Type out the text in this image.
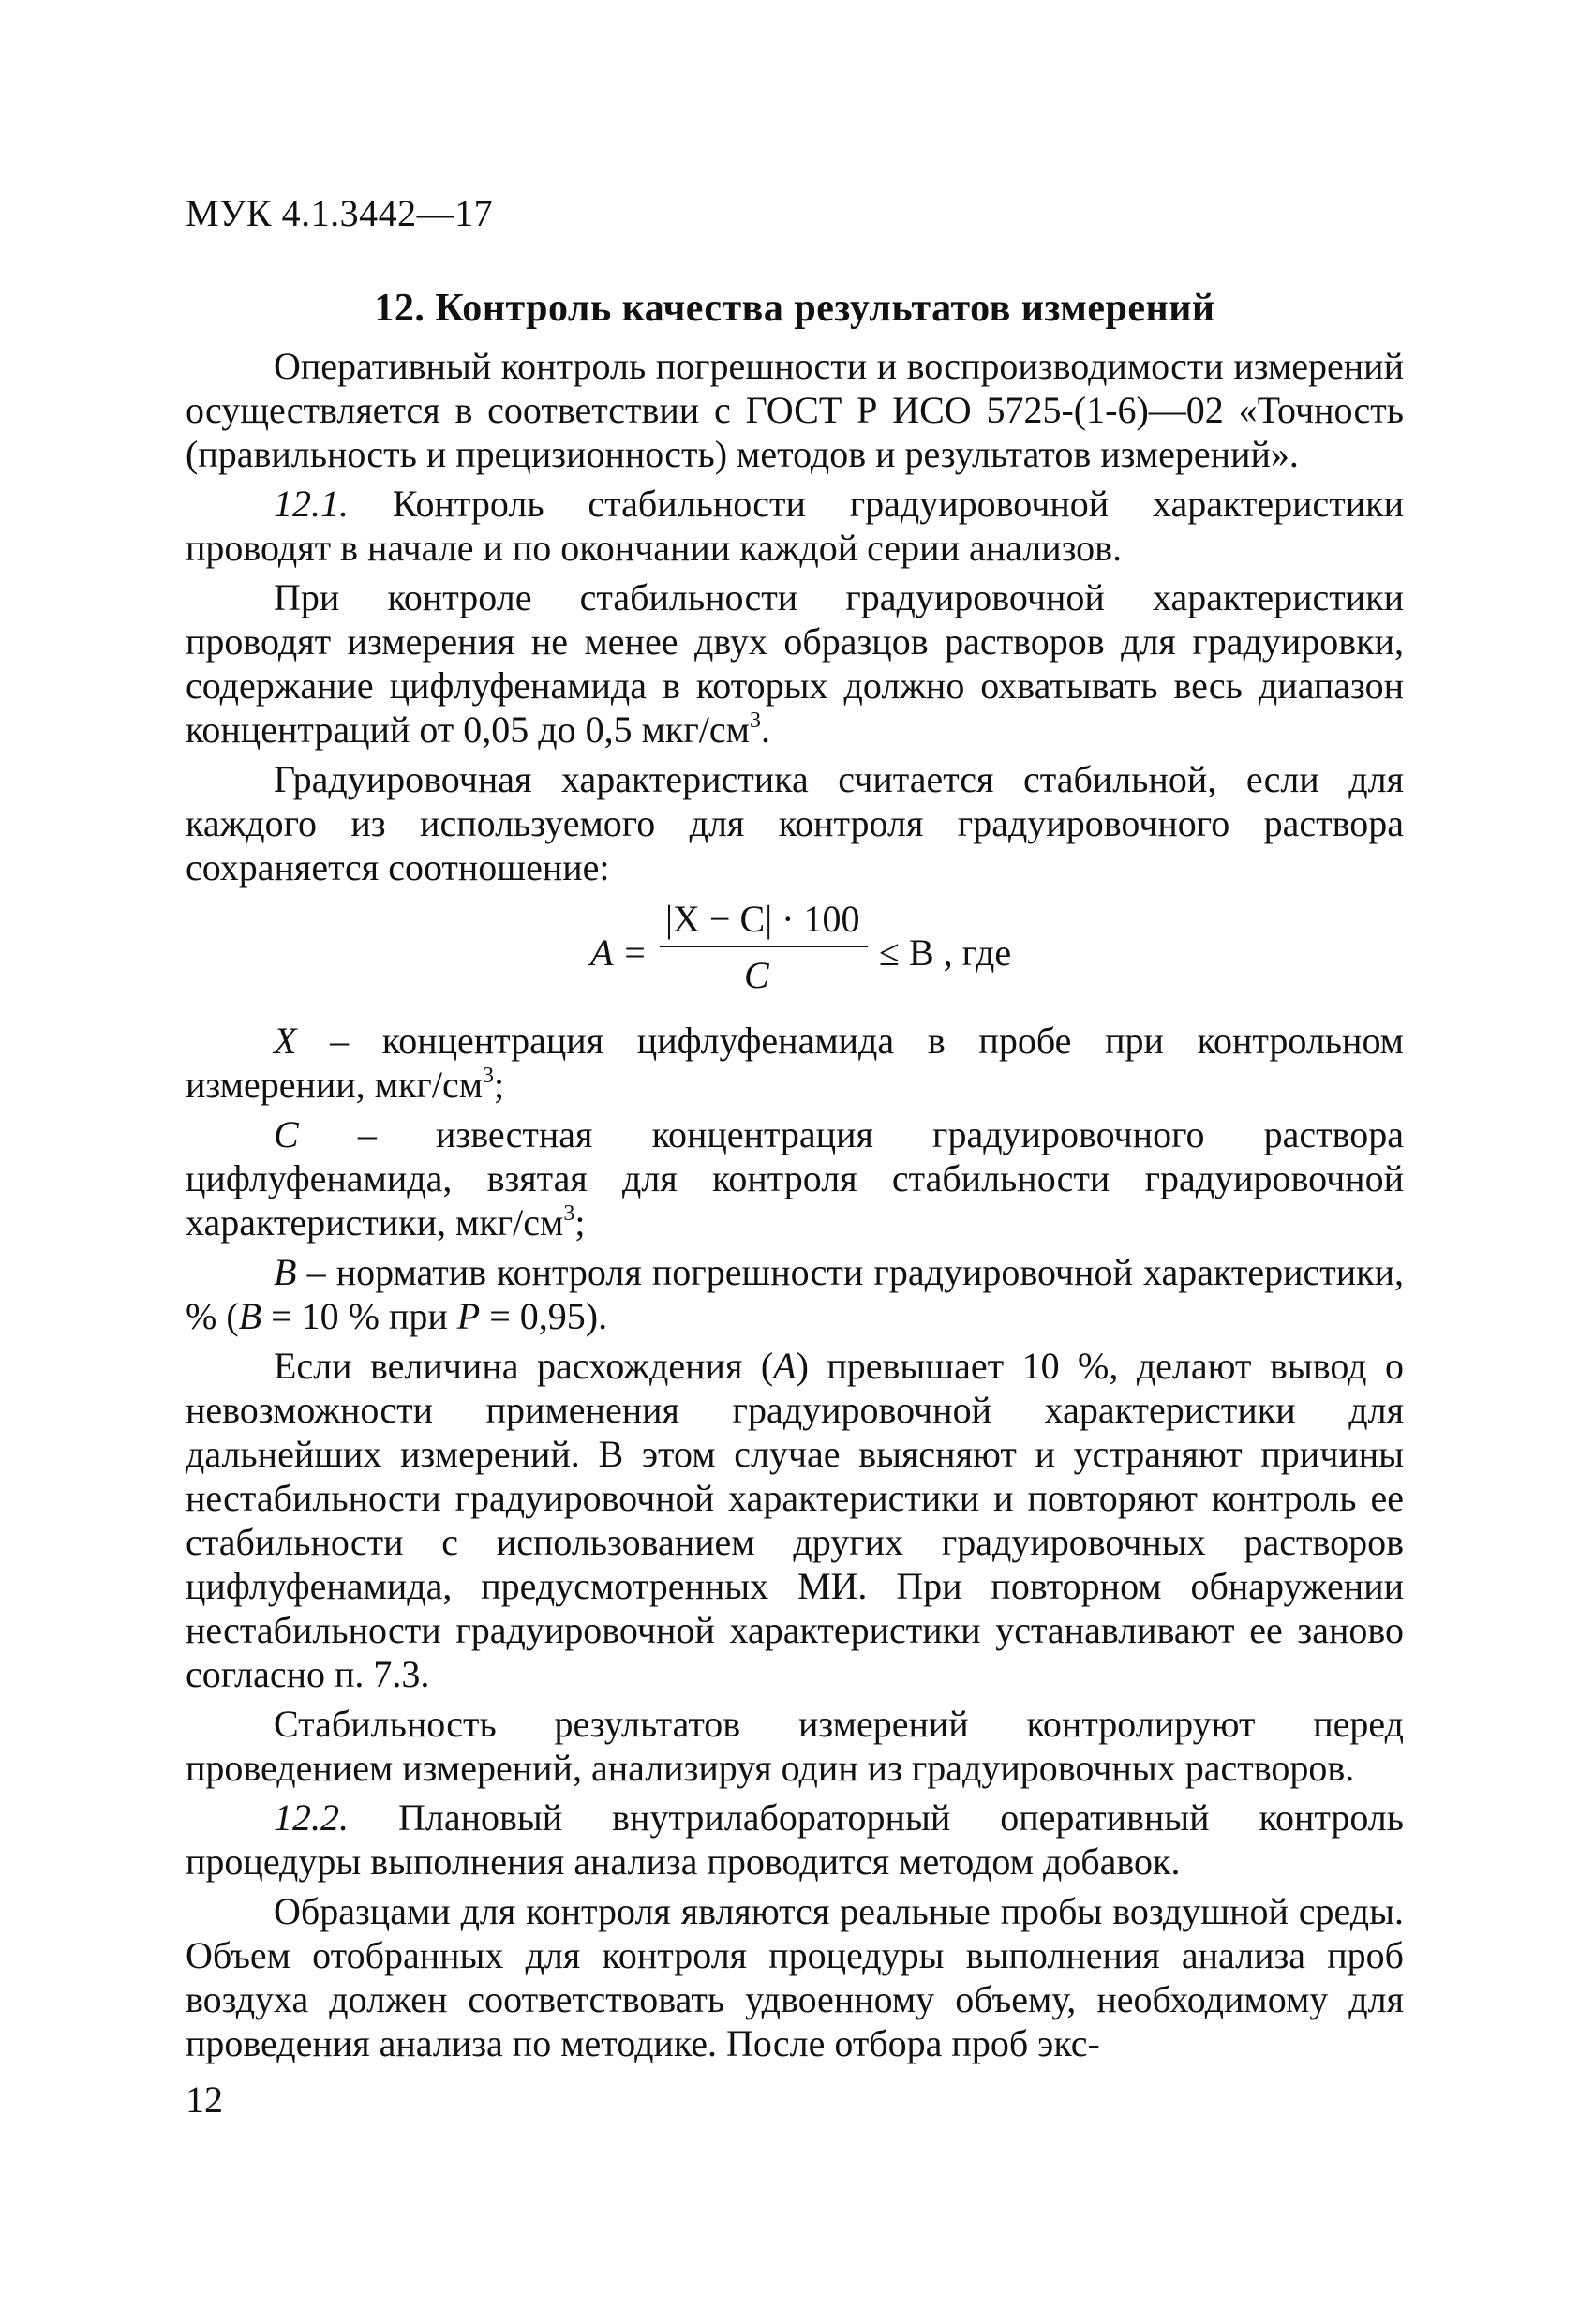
МУК 4.1.3442—17
12. Контроль качества результатов измерений

Оперативный контроль погрешности и воспроизводимости измерений осуществляется в соответствии с ГОСТ Р ИСО 5725-(1-6)—02 «Точность (правильность и прецизионность) методов и результатов измерений».

12.1. Контроль стабильности градуировочной характеристики проводят в начале и по окончании каждой серии анализов.

При контроле стабильности градуировочной характеристики проводят измерения не менее двух образцов растворов для градуировки, содержание цифлуфенамида в которых должно охватывать весь диапазон концентраций от 0,05 до 0,5 мкг/$см^3$.

Градуировочная характеристика считается стабильной, если для каждого из используемого для контроля градуировочного раствора сохраняется соотношение:

A =
|X − C| · 100
C
≤ B , где

X – концентрация цифлуфенамида в пробе при контрольном измерении, мкг/$см^3$;

C – известная концентрация градуировочного раствора цифлуфенамида, взятая для контроля стабильности градуировочной характеристики, мкг/$см^3$;

B – норматив контроля погрешности градуировочной характеристики, % (B = 10 % при P = 0,95).

Если величина расхождения (A) превышает 10 %, делают вывод о невозможности применения градуировочной характеристики для дальнейших измерений. В этом случае выясняют и устраняют причины нестабильности градуировочной характеристики и повторяют контроль ее стабильности с использованием других градуировочных растворов цифлуфенамида, предусмотренных МИ. При повторном обнаружении нестабильности градуировочной характеристики устанавливают ее заново согласно п. 7.3.

Стабильность результатов измерений контролируют перед проведением измерений, анализируя один из градуировочных растворов.

12.2. Плановый внутрилабораторный оперативный контроль процедуры выполнения анализа проводится методом добавок.

Образцами для контроля являются реальные пробы воздушной среды. Объем отобранных для контроля процедуры выполнения анализа проб воздуха должен соответствовать удвоенному объему, необходимому для проведения анализа по методике. После отбора проб экс-

12
